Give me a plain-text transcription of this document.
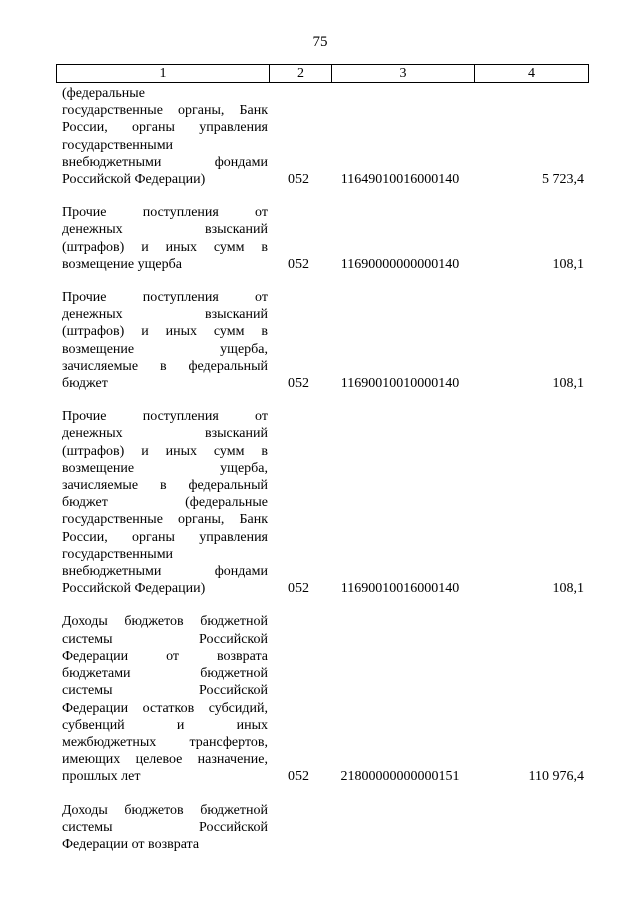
75
1	2	3	4
(федеральные
государственные органы, Банк
России, органы управления
государственными
внебюджетными фондами
Российской Федерации)	052	11649010016000140	5 723,4
Прочие поступления от
денежных взысканий
(штрафов) и иных сумм в
возмещение ущерба	052	11690000000000140	108,1
Прочие поступления от
денежных взысканий
(штрафов) и иных сумм в
возмещение ущерба,
зачисляемые в федеральный
бюджет	052	11690010010000140	108,1
Прочие поступления от
денежных взысканий
(штрафов) и иных сумм в
возмещение ущерба,
зачисляемые в федеральный
бюджет (федеральные
государственные органы, Банк
России, органы управления
государственными
внебюджетными фондами
Российской Федерации)	052	11690010016000140	108,1
Доходы бюджетов бюджетной
системы Российской
Федерации от возврата
бюджетами бюджетной
системы Российской
Федерации остатков субсидий,
субвенций и иных
межбюджетных трансфертов,
имеющих целевое назначение,
прошлых лет	052	21800000000000151	110 976,4
Доходы бюджетов бюджетной
системы Российской
Федерации от возврата
